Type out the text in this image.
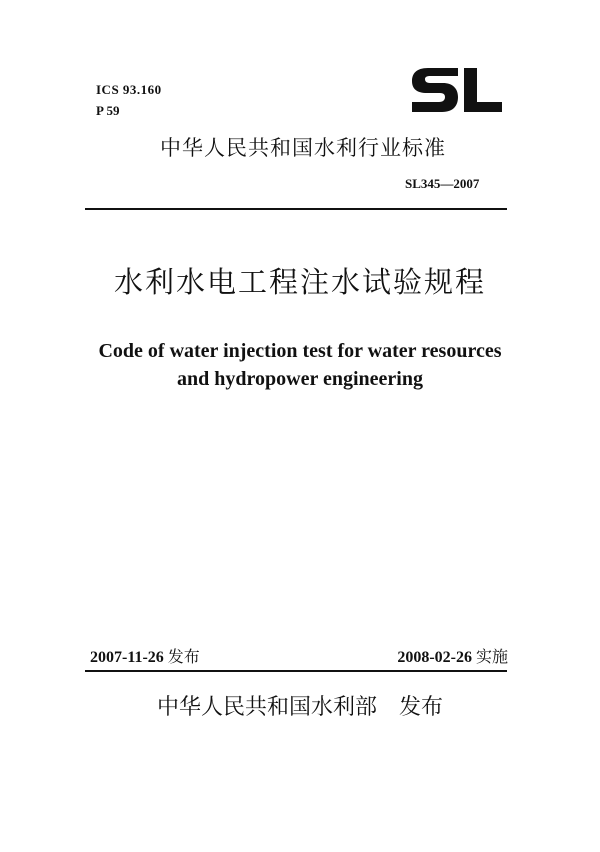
ICS 93.160
P 59
中华人民共和国水利行业标准
SL345—2007
水利水电工程注水试验规程
Code of water injection test for water resources
and hydropower engineering
2007-11-26 发布	2008-02-26 实施
中华人民共和国水利部 发布
